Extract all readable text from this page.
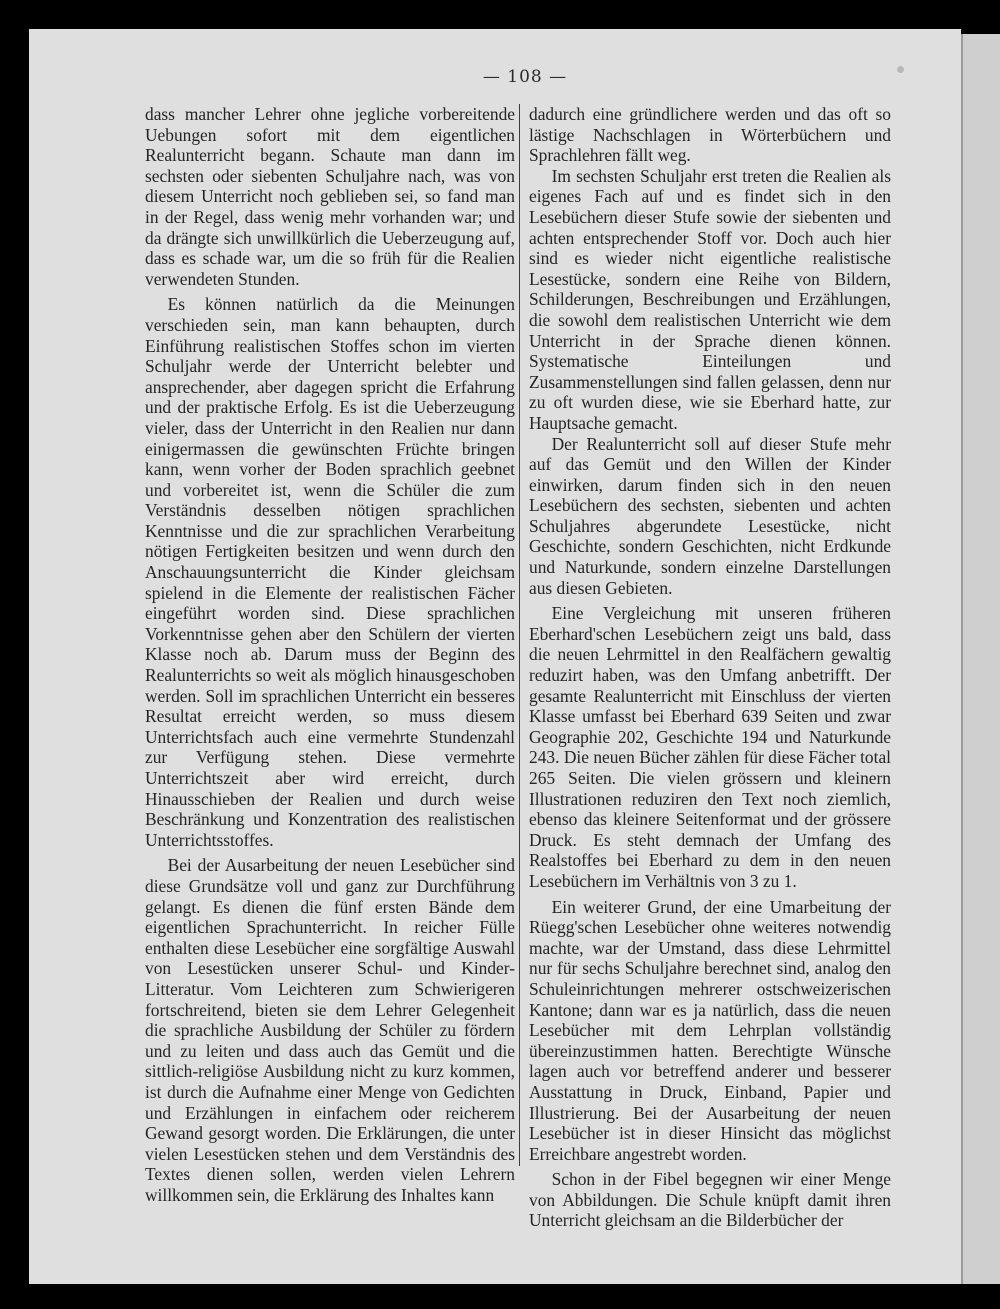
— 108 —

dass mancher Lehrer ohne jegliche vorbereitende Uebungen sofort mit dem eigentlichen Realunterricht begann. Schaute man dann im sechsten oder siebenten Schuljahre nach, was von diesem Unterricht noch geblieben sei, so fand man in der Regel, dass wenig mehr vorhanden war; und da drängte sich unwillkürlich die Ueberzeugung auf, dass es schade war, um die so früh für die Realien verwendeten Stunden.

Es können natürlich da die Meinungen verschieden sein, man kann behaupten, durch Einführung realistischen Stoffes schon im vierten Schuljahr werde der Unterricht belebter und ansprechender, aber dagegen spricht die Erfahrung und der praktische Erfolg. Es ist die Ueberzeugung vieler, dass der Unterricht in den Realien nur dann einigermassen die gewünschten Früchte bringen kann, wenn vorher der Boden sprachlich geebnet und vorbereitet ist, wenn die Schüler die zum Verständnis desselben nötigen sprachlichen Kenntnisse und die zur sprachlichen Verarbeitung nötigen Fertigkeiten besitzen und wenn durch den Anschauungsunterricht die Kinder gleichsam spielend in die Elemente der realistischen Fächer eingeführt worden sind. Diese sprachlichen Vorkenntnisse gehen aber den Schülern der vierten Klasse noch ab. Darum muss der Beginn des Realunterrichts so weit als möglich hinausgeschoben werden. Soll im sprachlichen Unterricht ein besseres Resultat erreicht werden, so muss diesem Unterrichtsfach auch eine vermehrte Stundenzahl zur Verfügung stehen. Diese vermehrte Unterrichtszeit aber wird erreicht, durch Hinausschieben der Realien und durch weise Beschränkung und Konzentration des realistischen Unterrichtsstoffes.

Bei der Ausarbeitung der neuen Lesebücher sind diese Grundsätze voll und ganz zur Durchführung gelangt. Es dienen die fünf ersten Bände dem eigentlichen Sprachunterricht. In reicher Fülle enthalten diese Lesebücher eine sorgfältige Auswahl von Lesestücken unserer Schul- und Kinder-Litteratur. Vom Leichteren zum Schwierigeren fortschreitend, bieten sie dem Lehrer Gelegenheit die sprachliche Ausbildung der Schüler zu fördern und zu leiten und dass auch das Gemüt und die sittlich-religiöse Ausbildung nicht zu kurz kommen, ist durch die Aufnahme einer Menge von Gedichten und Erzählungen in einfachem oder reicherem Gewand gesorgt worden. Die Erklärungen, die unter vielen Lesestücken stehen und dem Verständnis des Textes dienen sollen, werden vielen Lehrern willkommen sein, die Erklärung des Inhaltes kann

dadurch eine gründlichere werden und das oft so lästige Nachschlagen in Wörterbüchern und Sprachlehren fällt weg.

Im sechsten Schuljahr erst treten die Realien als eigenes Fach auf und es findet sich in den Lesebüchern dieser Stufe sowie der siebenten und achten entsprechender Stoff vor. Doch auch hier sind es wieder nicht eigentliche realistische Lesestücke, sondern eine Reihe von Bildern, Schilderungen, Beschreibungen und Erzählungen, die sowohl dem realistischen Unterricht wie dem Unterricht in der Sprache dienen können. Systematische Einteilungen und Zusammenstellungen sind fallen gelassen, denn nur zu oft wurden diese, wie sie Eberhard hatte, zur Hauptsache gemacht.

Der Realunterricht soll auf dieser Stufe mehr auf das Gemüt und den Willen der Kinder einwirken, darum finden sich in den neuen Lesebüchern des sechsten, siebenten und achten Schuljahres abgerundete Lesestücke, nicht Geschichte, sondern Geschichten, nicht Erdkunde und Naturkunde, sondern einzelne Darstellungen aus diesen Gebieten.

Eine Vergleichung mit unseren früheren Eberhard'schen Lesebüchern zeigt uns bald, dass die neuen Lehrmittel in den Realfächern gewaltig reduzirt haben, was den Umfang anbetrifft. Der gesamte Realunterricht mit Einschluss der vierten Klasse umfasst bei Eberhard 639 Seiten und zwar Geographie 202, Geschichte 194 und Naturkunde 243. Die neuen Bücher zählen für diese Fächer total 265 Seiten. Die vielen grössern und kleinern Illustrationen reduziren den Text noch ziemlich, ebenso das kleinere Seitenformat und der grössere Druck. Es steht demnach der Umfang des Realstoffes bei Eberhard zu dem in den neuen Lesebüchern im Verhältnis von 3 zu 1.

Ein weiterer Grund, der eine Umarbeitung der Rüegg'schen Lesebücher ohne weiteres notwendig machte, war der Umstand, dass diese Lehrmittel nur für sechs Schuljahre berechnet sind, analog den Schuleinrichtungen mehrerer ostschweizerischen Kantone; dann war es ja natürlich, dass die neuen Lesebücher mit dem Lehrplan vollständig übereinzustimmen hatten. Berechtigte Wünsche lagen auch vor betreffend anderer und besserer Ausstattung in Druck, Einband, Papier und Illustrierung. Bei der Ausarbeitung der neuen Lesebücher ist in dieser Hinsicht das möglichst Erreichbare angestrebt worden.

Schon in der Fibel begegnen wir einer Menge von Abbildungen. Die Schule knüpft damit ihren Unterricht gleichsam an die Bilderbücher der
